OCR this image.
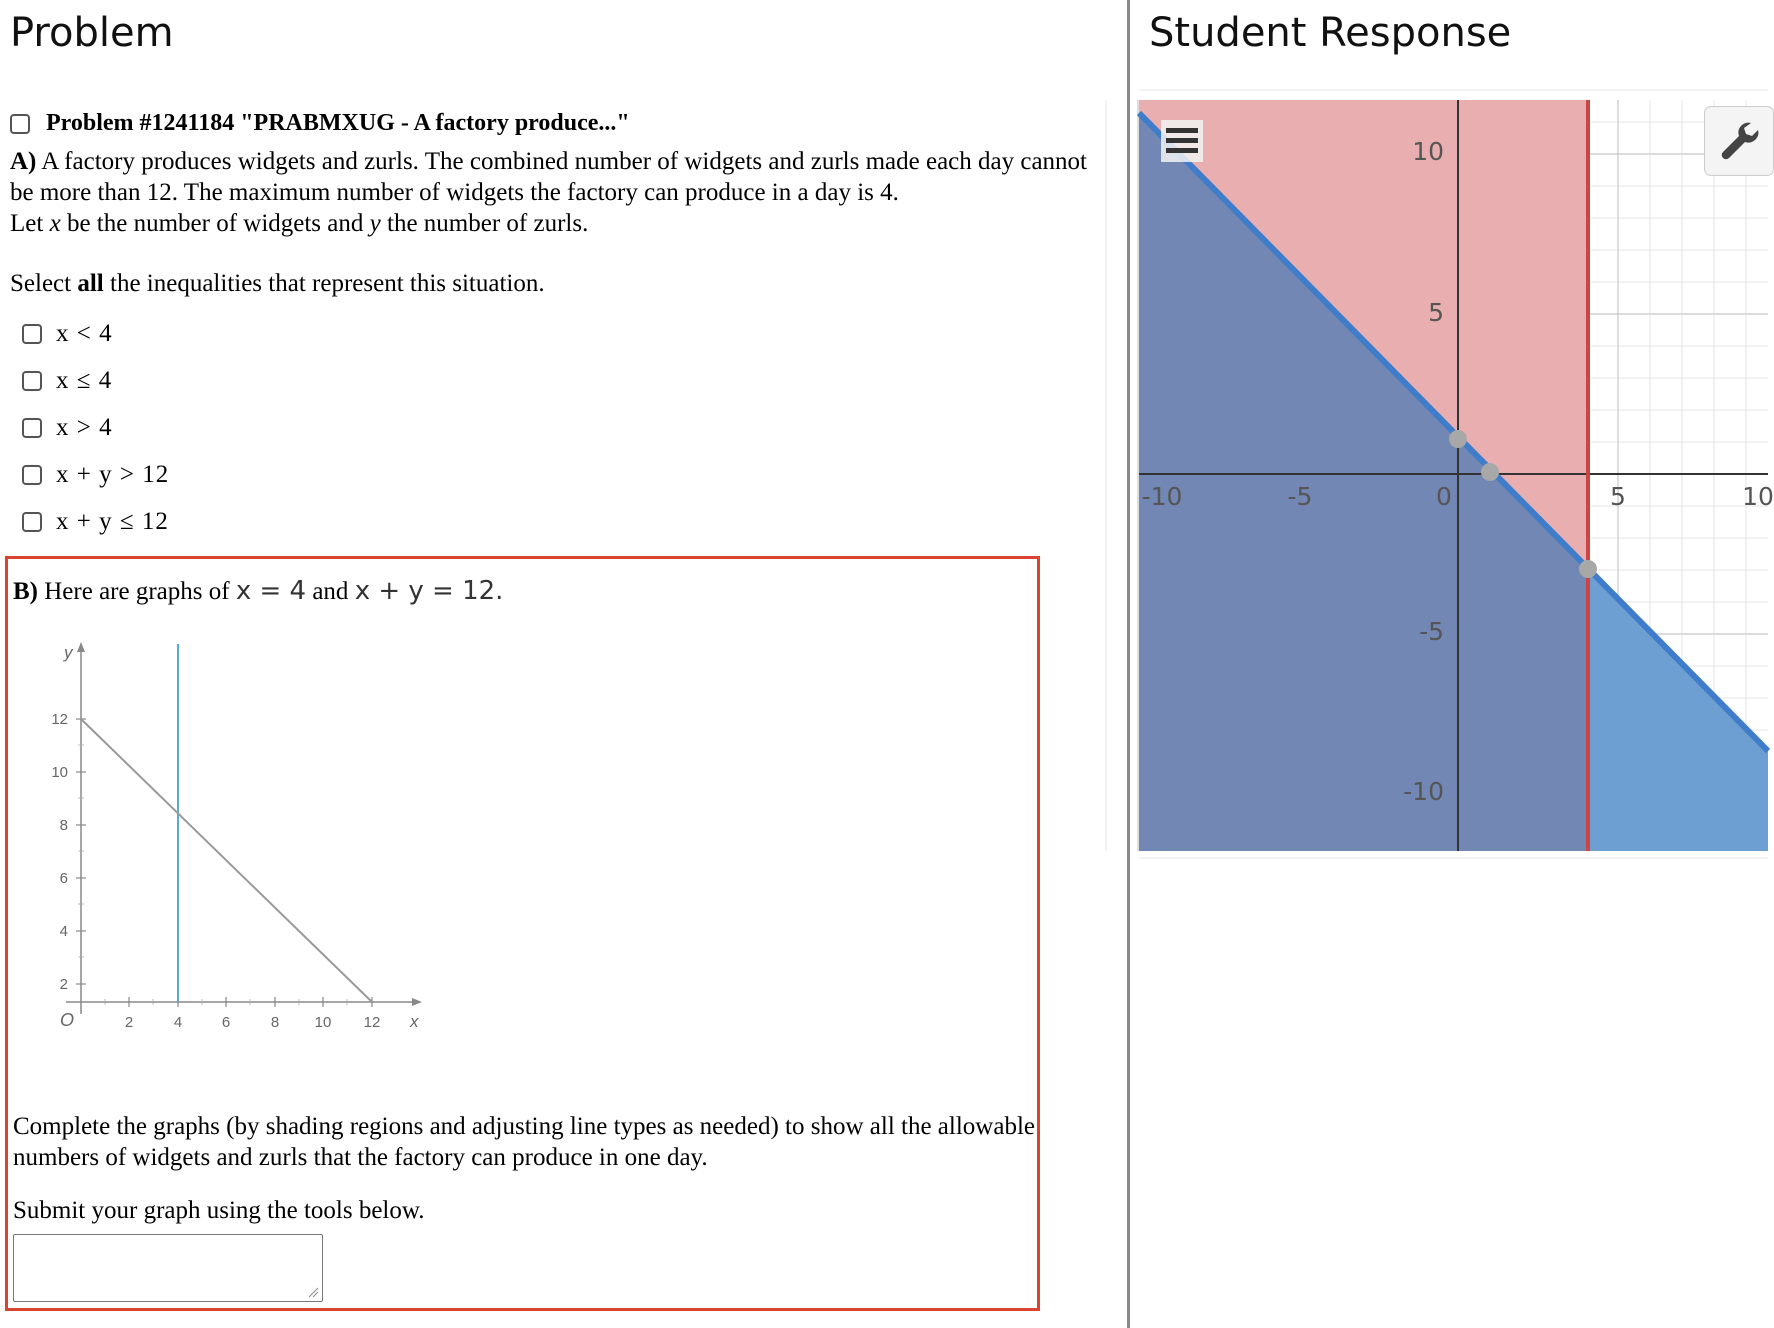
Problem
Problem #1241184 "PRABMXUG - A factory produce..."
A) A factory produces widgets and zurls. The combined number of widgets and zurls made each day cannot
be more than 12. The maximum number of widgets the factory can produce in a day is 4.
Let x be the number of widgets and y the number of zurls.
Select all the inequalities that represent this situation.
x < 4
x ≤ 4
x > 4
x + y > 12
x + y ≤ 12
B) Here are graphs of x = 4 and x + y = 12.
12
10
8
6
4
2
2	4	6	8 10 12
y
x
O
Complete the graphs (by shading regions and adjusting line types as needed) to show all the allowable
numbers of widgets and zurls that the factory can produce in one day.
Submit your graph using the tools below.
Student Response
-10	-5	0	5	10
10
5
-5
-10
